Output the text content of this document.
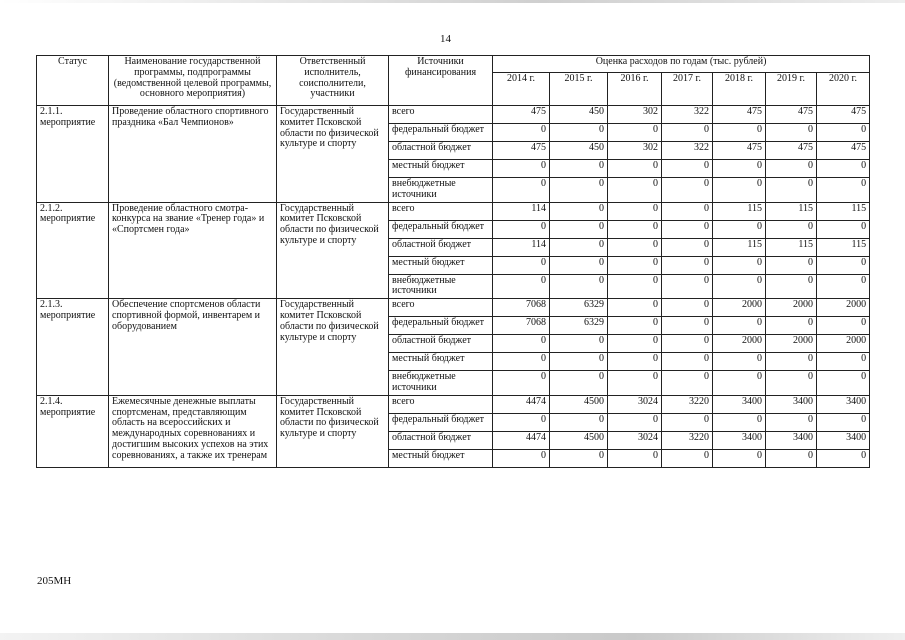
14
Статус	Наименование государственной программы, подпрограммы (ведомственной целевой программы, основного мероприятия)	Ответственный исполнитель, соисполнители, участники	Источники финансирования	Оценка расходов по годам (тыс. рублей)						
				2014 г.	2015 г.	2016 г.	2017 г.	2018 г.	2019 г.	2020 г.

2.1.1.
мероприятие	Проведение областного спортивного праздника «Бал Чемпионов»	Государственный комитет Псковской области по физической культуре и спорту	всего	475	450	302	322	475	475	475
			федеральный бюджет	0	0	0	0	0	0	0
			областной бюджет	475	450	302	322	475	475	475
			местный бюджет	0	0	0	0	0	0	0
			внебюджетные источники	0	0	0	0	0	0	0

2.1.2.
мероприятие	Проведение областного смотра-конкурса на звание «Тренер года» и «Спортсмен года»	Государственный комитет Псковской области по физической культуре и спорту	всего	114	0	0	0	115	115	115
			федеральный бюджет	0	0	0	0	0	0	0
			областной бюджет	114	0	0	0	115	115	115
			местный бюджет	0	0	0	0	0	0	0
			внебюджетные источники	0	0	0	0	0	0	0

2.1.3.
мероприятие	Обеспечение спортсменов области спортивной формой, инвентарем и оборудованием	Государственный комитет Псковской области по физической культуре и спорту	всего	7068	6329	0	0	2000	2000	2000
			федеральный бюджет	7068	6329	0	0	0	0	0
			областной бюджет	0	0	0	0	2000	2000	2000
			местный бюджет	0	0	0	0	0	0	0
			внебюджетные источники	0	0	0	0	0	0	0

2.1.4.
мероприятие	Ежемесячные денежные выплаты спортсменам, представляющим область на всероссийских и международных соревнованиях и достигшим высоких успехов на этих соревнованиях, а также их тренерам	Государственный комитет Псковской области по физической культуре и спорту	всего	4474	4500	3024	3220	3400	3400	3400
			федеральный бюджет	0	0	0	0	0	0	0
			областной бюджет	4474	4500	3024	3220	3400	3400	3400
			местный бюджет	0	0	0	0	0	0	0
205МН
